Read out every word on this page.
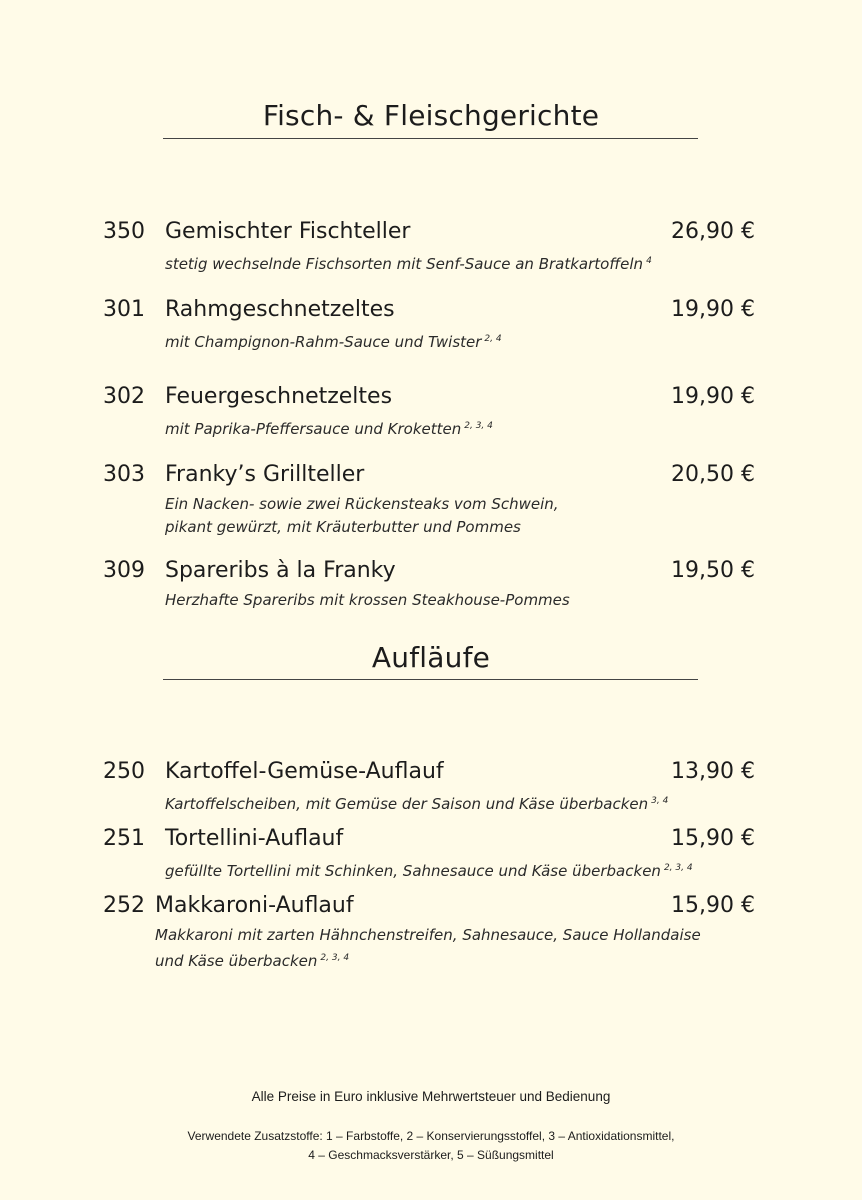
Fisch- & Fleischgerichte
350 Gemischter Fischteller	26,90 €
stetig wechselnde Fischsorten mit Senf-Sauce an Bratkartoffeln $^4$
301 Rahmgeschnetzeltes	19,90 €
mit Champignon-Rahm-Sauce und Twister $^{2, 4}$
302 Feuergeschnetzeltes	19,90 €
mit Paprika-Pfeffersauce und Kroketten $^{2, 3, 4}$
303 Franky’s Grillteller	20,50 €
Ein Nacken- sowie zwei Rückensteaks vom Schwein,
pikant gewürzt, mit Kräuterbutter und Pommes
309 Spareribs à la Franky	19,50 €
Herzhafte Spareribs mit krossen Steakhouse-Pommes
Aufläufe
250 Kartoffel-Gemüse-Auflauf	13,90 €
Kartoffelscheiben, mit Gemüse der Saison und Käse überbacken $^{3, 4}$
251 Tortellini-Auflauf	15,90 €
gefüllte Tortellini mit Schinken, Sahnesauce und Käse überbacken $^{2, 3, 4}$
252 Makkaroni-Auflauf	15,90 €
Makkaroni mit zarten Hähnchenstreifen, Sahnesauce, Sauce Hollandaise
und Käse überbacken $^{2, 3, 4}$
Alle Preise in Euro inklusive Mehrwertsteuer und Bedienung
Verwendete Zusatzstoffe: 1 – Farbstoffe, 2 – Konservierungsstoffel, 3 – Antioxidationsmittel,
4 – Geschmacksverstärker, 5 – Süßungsmittel
